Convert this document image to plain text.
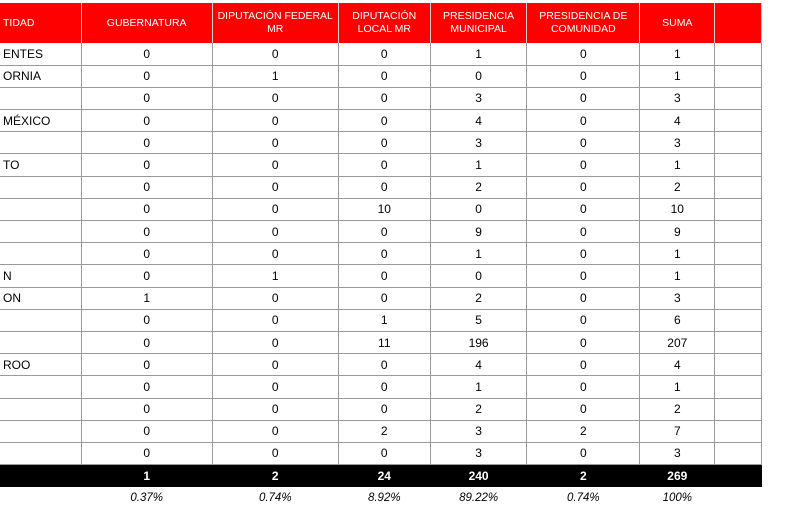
TIDAD	GUBERNATURA	DIPUTACIÓN FEDERAL MR	DIPUTACIÓN LOCAL MR	PRESIDENCIA MUNICIPAL	PRESIDENCIA DE COMUNIDAD	SUMA	
ENTES	0	0	0	1	0	1	
ORNIA	0	1	0	0	0	1	
	0	0	0	3	0	3	
MÉXICO	0	0	0	4	0	4	
	0	0	0	3	0	3	
TO	0	0	0	1	0	1	
	0	0	0	2	0	2	
	0	0	10	0	0	10	
	0	0	0	9	0	9	
	0	0	0	1	0	1	
N	0	1	0	0	0	1	
ON	1	0	0	2	0	3	
	0	0	1	5	0	6	
	0	0	11	196	0	207	
ROO	0	0	0	4	0	4	
	0	0	0	1	0	1	
	0	0	0	2	0	2	
	0	0	2	3	2	7	
	0	0	0	3	0	3	
	1	2	24	240	2	269	
	0.37%	0.74%	8.92%	89.22%	0.74%	100%	
